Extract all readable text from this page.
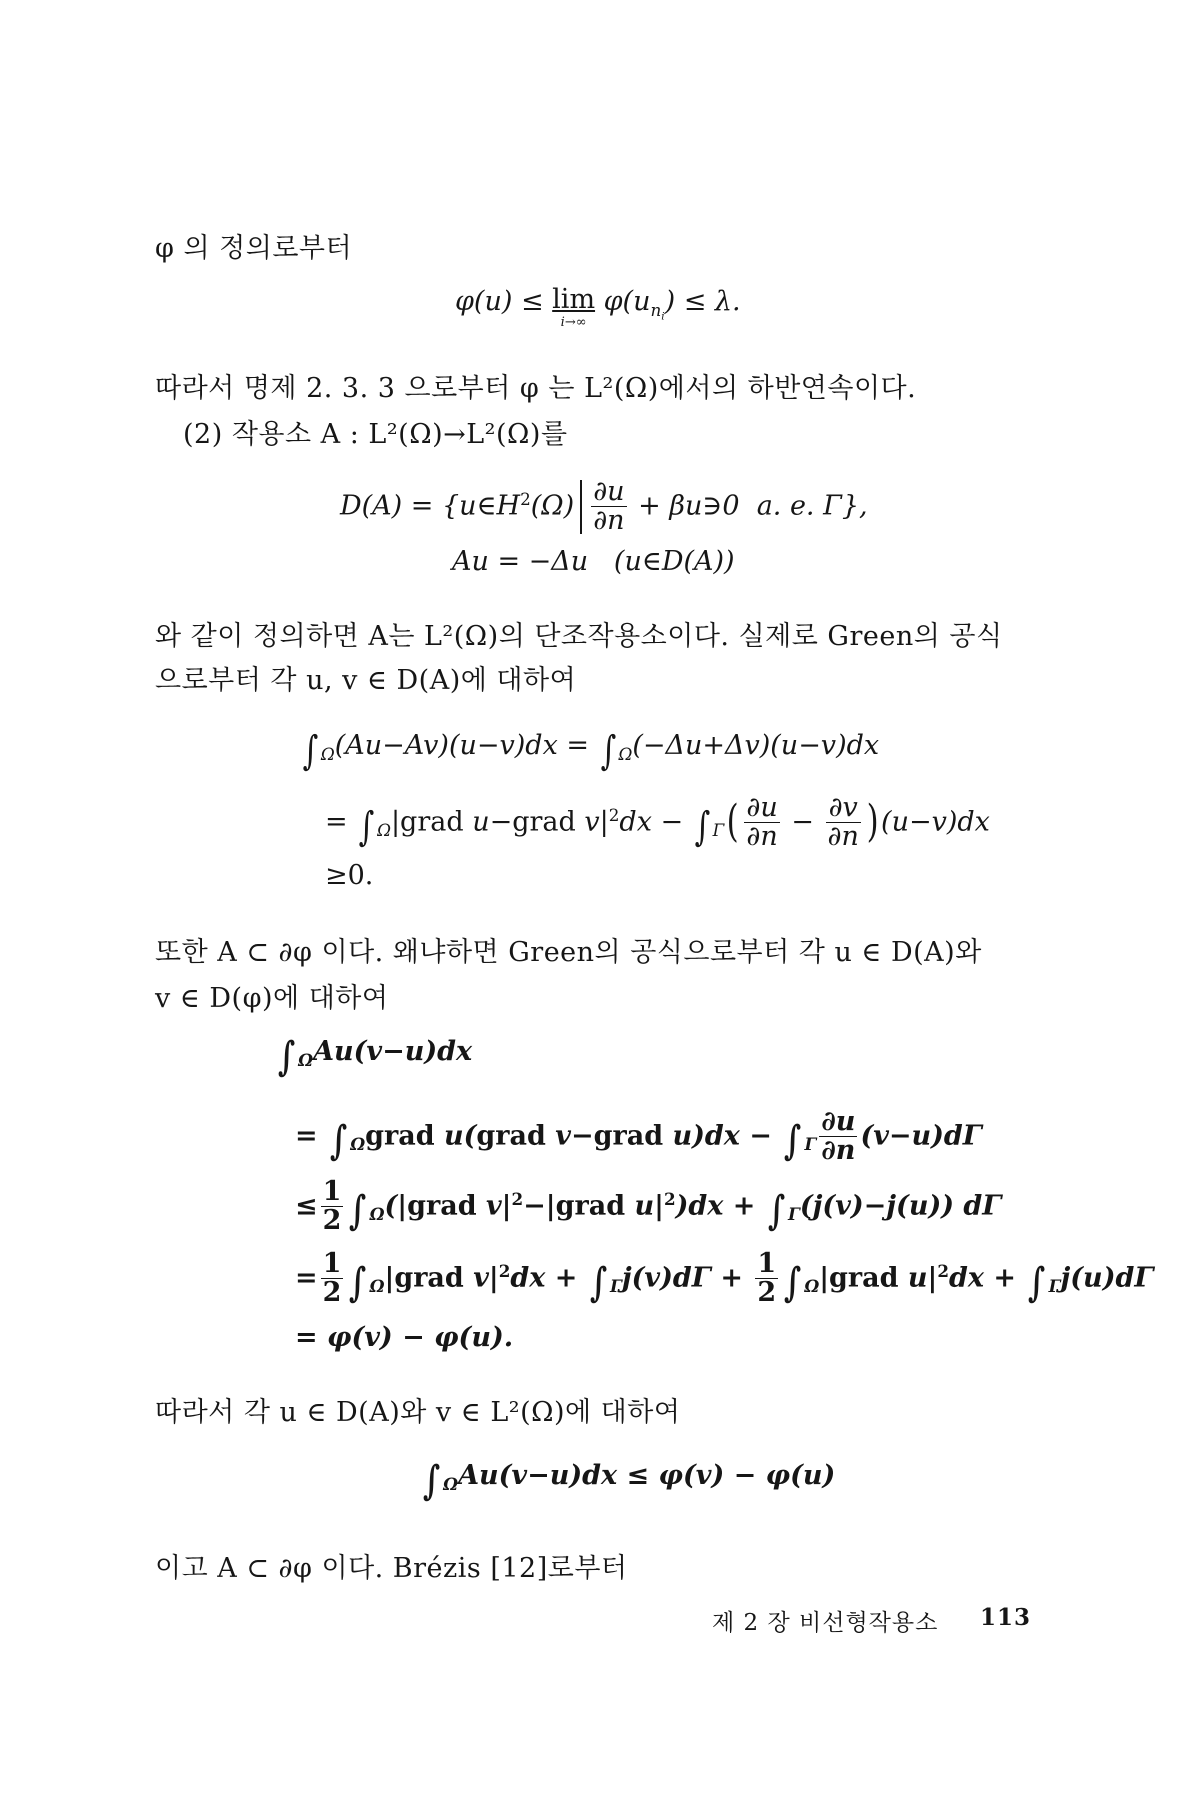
φ 의 정의로부터
φ(u) ≤ lim
i→∞
$\varphi(u_{n_i}) \le \lambda$.
따라서 명제 2. 3. 3 으로부터 φ 는 L²(Ω)에서의 하반연속이다.
(2) 작용소 A : L²(Ω)→L²(Ω)를
$D(A) = \{u\in H^2(\Omega) \frac{\partial u}{\partial n}$ + βu∋0  a. e. Γ},
Au = −Δu   (u∈D(A))
와 같이 정의하면 A는 L²(Ω)의 단조작용소이다. 실제로 Green의 공식
으로부터 각 u, v ∈ D(A)에 대하여
∫ $_\Omega$(Au−Av)(u−v)dx = ∫ $_\Omega$(−Δu+Δv)(u−v)dx
= ∫ $_\Omega$|grad u−grad $v|^2dx$ − ∫ $_\Gamma( \frac{\partial u}{\partial n} - \frac{\partial v}{\partial n} )(u-v)dx$
≥0.
또한 A ⊂ ∂φ 이다. 왜냐하면 Green의 공식으로부터 각 u ∈ D(A)와
v ∈ D(φ)에 대하여
∫ $_\Omega$Au(v−u)dx
= ∫ $_\Omega$grad u(grad v−grad u)dx − ∫ $_\Gamma \frac{\partial u}{\partial n} (v-u)d\Gamma$
≤ $\frac{1}{2}$ ∫ $_\Omega$(|grad $v|^2-|grad$ $u|^2)dx$ + ∫ $_\Gamma$(j(v)−j(u)) dΓ
= $\frac{1}{2}$ ∫ $_\Omega$|grad $v|^2dx$ + ∫ $_\Gamma j(v)d\Gamma + \frac{1}{2}$ ∫ $_\Omega$|grad $u|^2dx$ + ∫ $_\Gamma$j(u)dΓ
= φ(v) − φ(u).
따라서 각 u ∈ D(A)와 v ∈ L²(Ω)에 대하여
∫ $_\Omega$Au(v−u)dx ≤ φ(v) − φ(u)
이고 A ⊂ ∂φ 이다. Brézis [12]로부터
제 2 장 비선형작용소 113
